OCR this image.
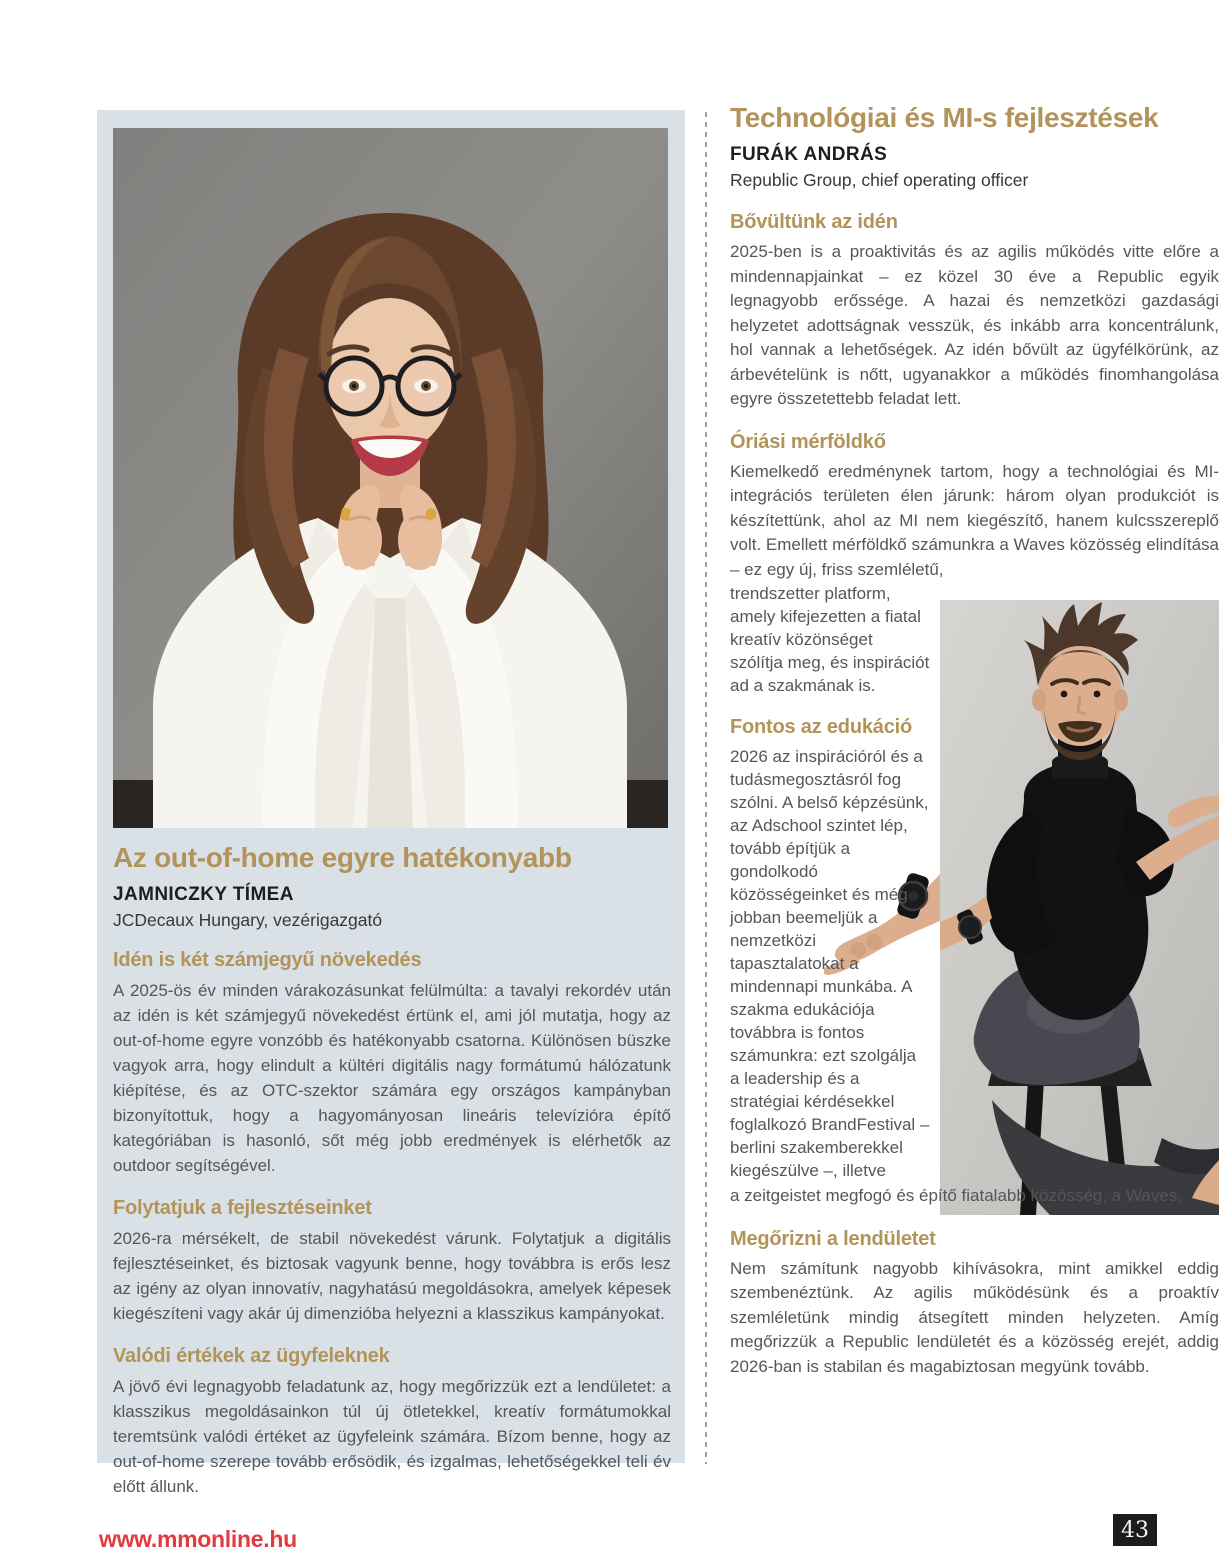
Az out-of-home egyre hatékonyabb
JAMNICZKY TÍMEA
JCDecaux Hungary, vezérigazgató
Idén is két számjegyű növekedés

A 2025-ös év minden várakozásunkat felülmúlta: a tavalyi rekordév után az idén is két számjegyű növekedést értünk el, ami jól mutatja, hogy az out-of-home egyre vonzóbb és hatékonyabb csatorna. Különösen büszke vagyok arra, hogy elindult a kültéri digitális nagy formátumú hálózatunk kiépítése, és az OTC-szektor számára egy országos kampányban bizonyítottuk, hogy a hagyományosan lineáris televízióra építő kategóriában is hasonló, sőt még jobb eredmények is elérhetők az outdoor segítségével.

Folytatjuk a fejlesztéseinket

2026-ra mérsékelt, de stabil növekedést várunk. Folytatjuk a digitális fejlesztéseinket, és biztosak vagyunk benne, hogy továbbra is erős lesz az igény az olyan innovatív, nagyhatású megoldásokra, amelyek képesek kiegészíteni vagy akár új dimenzióba helyezni a klasszikus kampányokat.

Valódi értékek az ügyfeleknek

A jövő évi legnagyobb feladatunk az, hogy megőrizzük ezt a lendületet: a klasszikus megoldásainkon túl új ötletekkel, kreatív formátumokkal teremtsünk valódi értéket az ügyfeleink számára. Bízom benne, hogy az out-of-home szerepe tovább erősödik, és izgalmas, lehetőségekkel teli év előtt állunk.

Technológiai és MI-s fejlesztések
FURÁK ANDRÁS
Republic Group, chief operating officer
Bővültünk az idén

2025-ben is a proaktivitás és az agilis működés vitte előre a mindennapjainkat – ez közel 30 éve a Republic egyik legnagyobb erőssége. A hazai és nemzetközi gazdasági helyzetet adottságnak vesszük, és inkább arra koncentrálunk, hol vannak a lehetőségek. Az idén bővült az ügyfélkörünk, az árbevételünk is nőtt, ugyanakkor a működés finomhangolása egyre összetettebb feladat lett.

Óriási mérföldkő

Kiemelkedő eredménynek tartom, hogy a technológiai és MI-integrációs területen élen járunk: három olyan produkciót is készítettünk, ahol az MI nem kiegészítő, hanem kulcsszereplő volt. Emellett mérföldkő számunkra a Waves közösség elindítása – ez egy új, friss szemléletű,

trendszetter platform, amely kifejezetten a fiatal kreatív közönséget szólítja meg, és inspirációt ad a szakmának is.

Fontos az edukáció

2026 az inspirációról és a tudásmegosztásról fog szólni. A belső képzésünk, az Adschool szintet lép, tovább építjük a gondolkodó közösségeinket és még jobban beemeljük a nemzetközi tapasztalatokat a mindennapi munkába. A szakma edukációja továbbra is fontos számunkra: ezt szolgálja a leadership és a stratégiai kérdésekkel foglalkozó BrandFestival – berlini szakemberekkel kiegészülve –, illetve

a zeitgeistet megfogó és építő fiatalabb közösség, a Waves.

Megőrizni a lendületet

Nem számítunk nagyobb kihívásokra, mint amikkel eddig szembenéztünk. Az agilis működésünk és a proaktív szemléletünk mindig átsegített minden helyzeten. Amíg megőrizzük a Republic lendületét és a közösség erejét, addig 2026-ban is stabilan és magabiztosan megyünk tovább.

www.mmonline.hu	43
